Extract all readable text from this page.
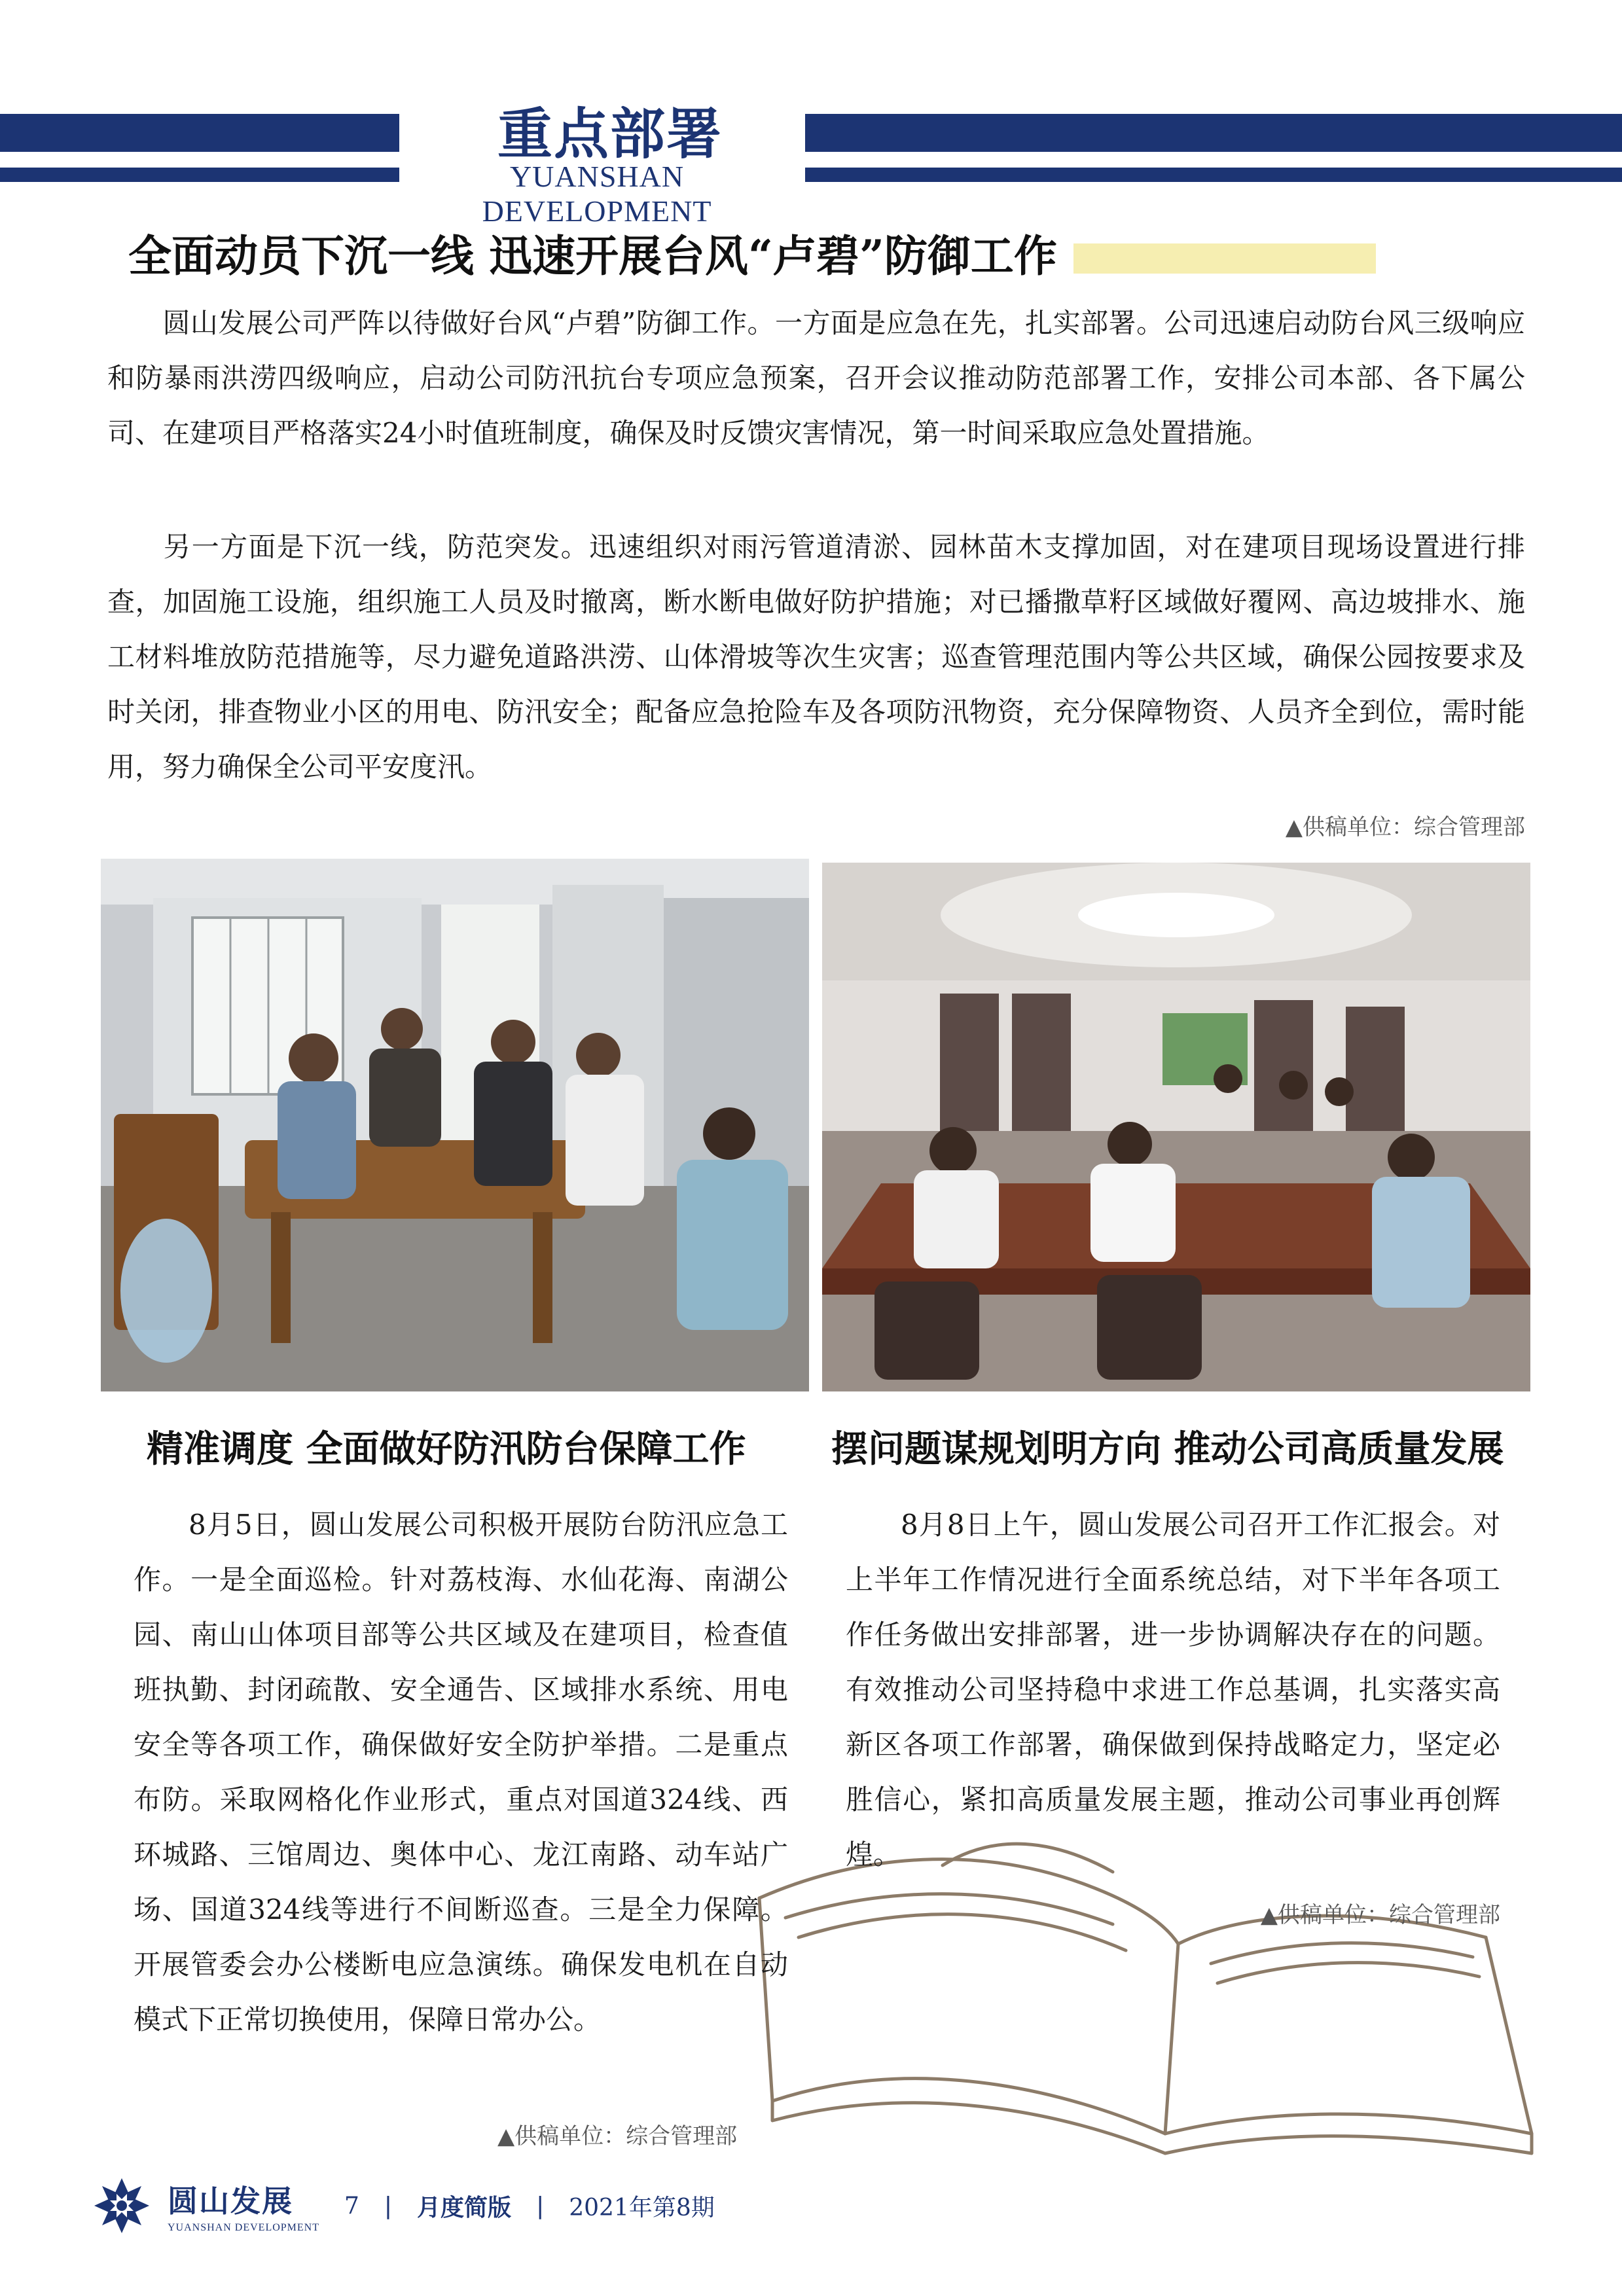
重点部署
YUANSHAN DEVELOPMENT
全面动员下沉一线 迅速开展台风“卢碧”防御工作

圆山发展公司严阵以待做好台风“卢碧”防御工作。一方面是应急在先，扎实部署。公司迅速启动防台风三级响应和防暴雨洪涝四级响应，启动公司防汛抗台专项应急预案，召开会议推动防范部署工作，安排公司本部、各下属公司、在建项目严格落实24小时值班制度，确保及时反馈灾害情况，第一时间采取应急处置措施。

另一方面是下沉一线，防范突发。迅速组织对雨污管道清淤、园林苗木支撑加固，对在建项目现场设置进行排查，加固施工设施，组织施工人员及时撤离，断水断电做好防护措施；对已播撒草籽区域做好覆网、高边坡排水、施工材料堆放防范措施等，尽力避免道路洪涝、山体滑坡等次生灾害；巡查管理范围内等公共区域，确保公园按要求及时关闭，排查物业小区的用电、防汛安全；配备应急抢险车及各项防汛物资，充分保障物资、人员齐全到位，需时能用，努力确保全公司平安度汛。

▲供稿单位：综合管理部
精准调度 全面做好防汛防台保障工作 摆问题谋规划明方向 推动公司高质量发展

8月5日，圆山发展公司积极开展防台防汛应急工作。一是全面巡检。针对荔枝海、水仙花海、南湖公园、南山山体项目部等公共区域及在建项目，检查值班执勤、封闭疏散、安全通告、区域排水系统、用电安全等各项工作，确保做好安全防护举措。二是重点布防。采取网格化作业形式，重点对国道324线、西环城路、三馆周边、奥体中心、龙江南路、动车站广场、国道324线等进行不间断巡查。三是全力保障。开展管委会办公楼断电应急演练。确保发电机在自动模式下正常切换使用，保障日常办公。

▲供稿单位：综合管理部

8月8日上午，圆山发展公司召开工作汇报会。对上半年工作情况进行全面系统总结，对下半年各项工作任务做出安排部署，进一步协调解决存在的问题。有效推动公司坚持稳中求进工作总基调，扎实落实高新区各项工作部署，确保做到保持战略定力，坚定必胜信心，紧扣高质量发展主题，推动公司事业再创辉煌。

▲供稿单位：综合管理部
圆山发展
YUANSHAN DEVELOPMENT
7 | 月度简版 | 2021年第8期
